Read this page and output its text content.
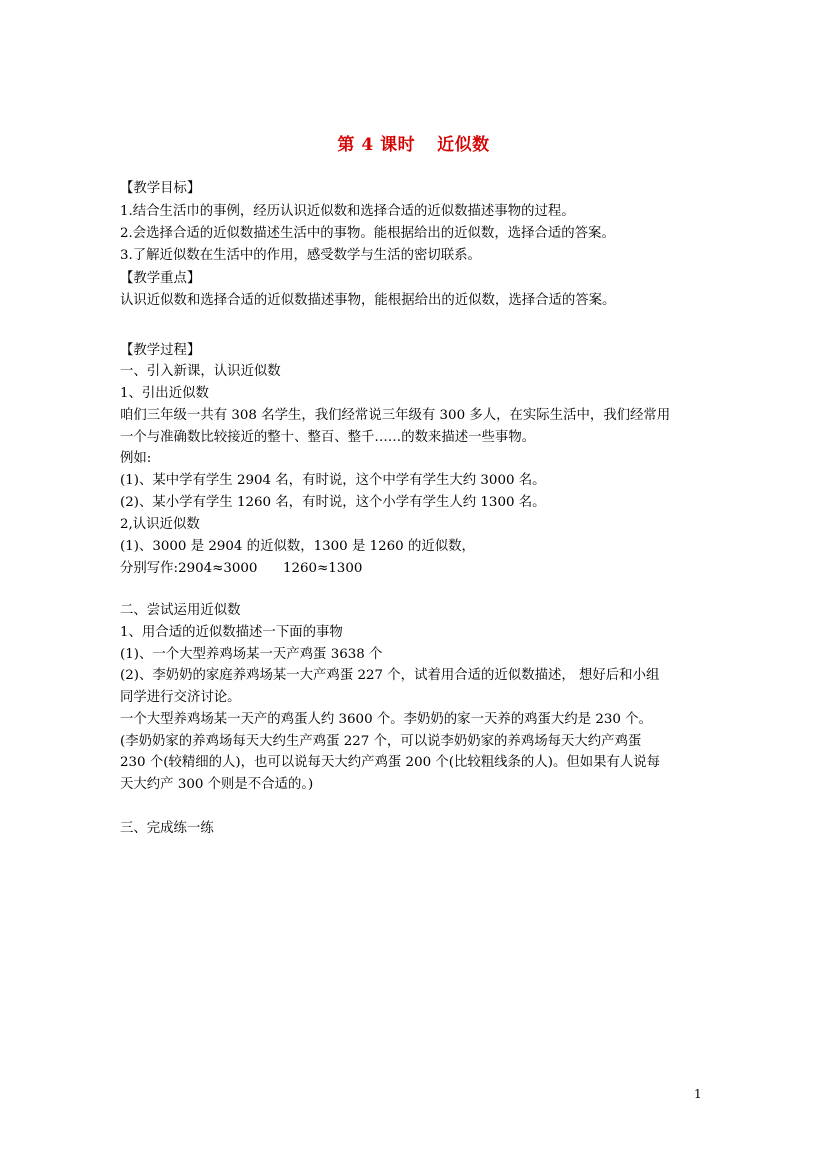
第 4 课时 近似数
【教学目标】
1.结合生活巾的事例，经历认识近似数和选择合适的近似数描述事物的过程。
2.会选择合适的近似数描述生活中的事物。能根据给出的近似数，选择合适的答案。
3.了解近似数在生活中的作用，感受数学与生活的密切联系。
【教学重点】
认识近似数和选择合适的近似数描述事物，能根据给出的近似数，选择合适的答案。
【教学过程】
一、引入新课，认识近似数
1、引出近似数
咱们三年级一共有 308 名学生，我们经常说三年级有 300 多人，在实际生活中，我们经常用
一个与准确数比较接近的整十、整百、整千……的数来描述一些事物。
例如:
(1)、某中学有学生 2904 名，有时说，这个中学有学生大约 3000 名。
(2)、某小学有学生 1260 名，有时说，这个小学有学生人约 1300 名。
2,认识近似数
(1)、3000 是 2904 的近似数，1300 是 1260 的近似数，
分别写作:2904≈3000      1260≈1300
二、尝试运用近似数
1、用合适的近似数描述一下面的事物
(1)、一个大型养鸡场某一天产鸡蛋 3638 个
(2)、李奶奶的家庭养鸡场某一大产鸡蛋 227 个，试着用合适的近似数描述， 想好后和小组
同学进行交济讨论。
一个大型养鸡场某一天产的鸡蛋人约 3600 个。李奶奶的家一天养的鸡蛋大约是 230 个。
(李奶奶家的养鸡场每天大约生产鸡蛋 227 个，可以说李奶奶家的养鸡场每天大约产鸡蛋
230 个(较精细的人)，也可以说每天大约产鸡蛋 200 个(比较粗线条的人)。但如果有人说每
天大约产 300 个则是不合适的。)
三、完成练一练
1
